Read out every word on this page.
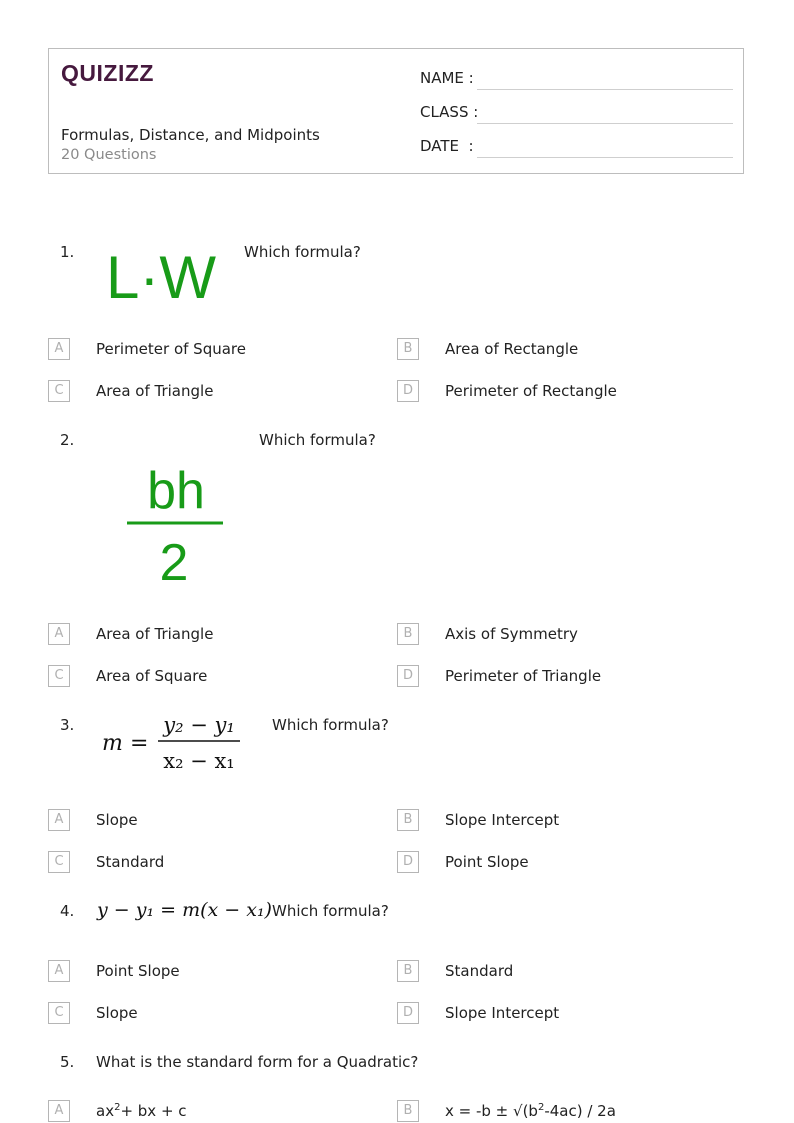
QUIZIZZ
Formulas, Distance, and Midpoints
20 Questions
NAME :
CLASS :
DATE  :
1. L·W Which formula?
A	Perimeter of Square	B	Area of Rectangle
C	Area of Triangle	D	Perimeter of Rectangle
2.
bh
2
Which formula?
A	Area of Triangle	B	Axis of Symmetry
C	Area of Square	D	Perimeter of Triangle
3.
m =
y₂ − y₁
x₂ − x₁
Which formula?
A	Slope	B	Slope Intercept
C	Standard	D	Point Slope
4. y − y₁ = m(x − x₁) Which formula?
A	Point Slope	B	Standard
C	Slope	D	Slope Intercept
5. What is the standard form for a Quadratic?
A	$ax^2+$ bx + c	B	$x = -b \pm √(b^2-4ac) / 2a$
